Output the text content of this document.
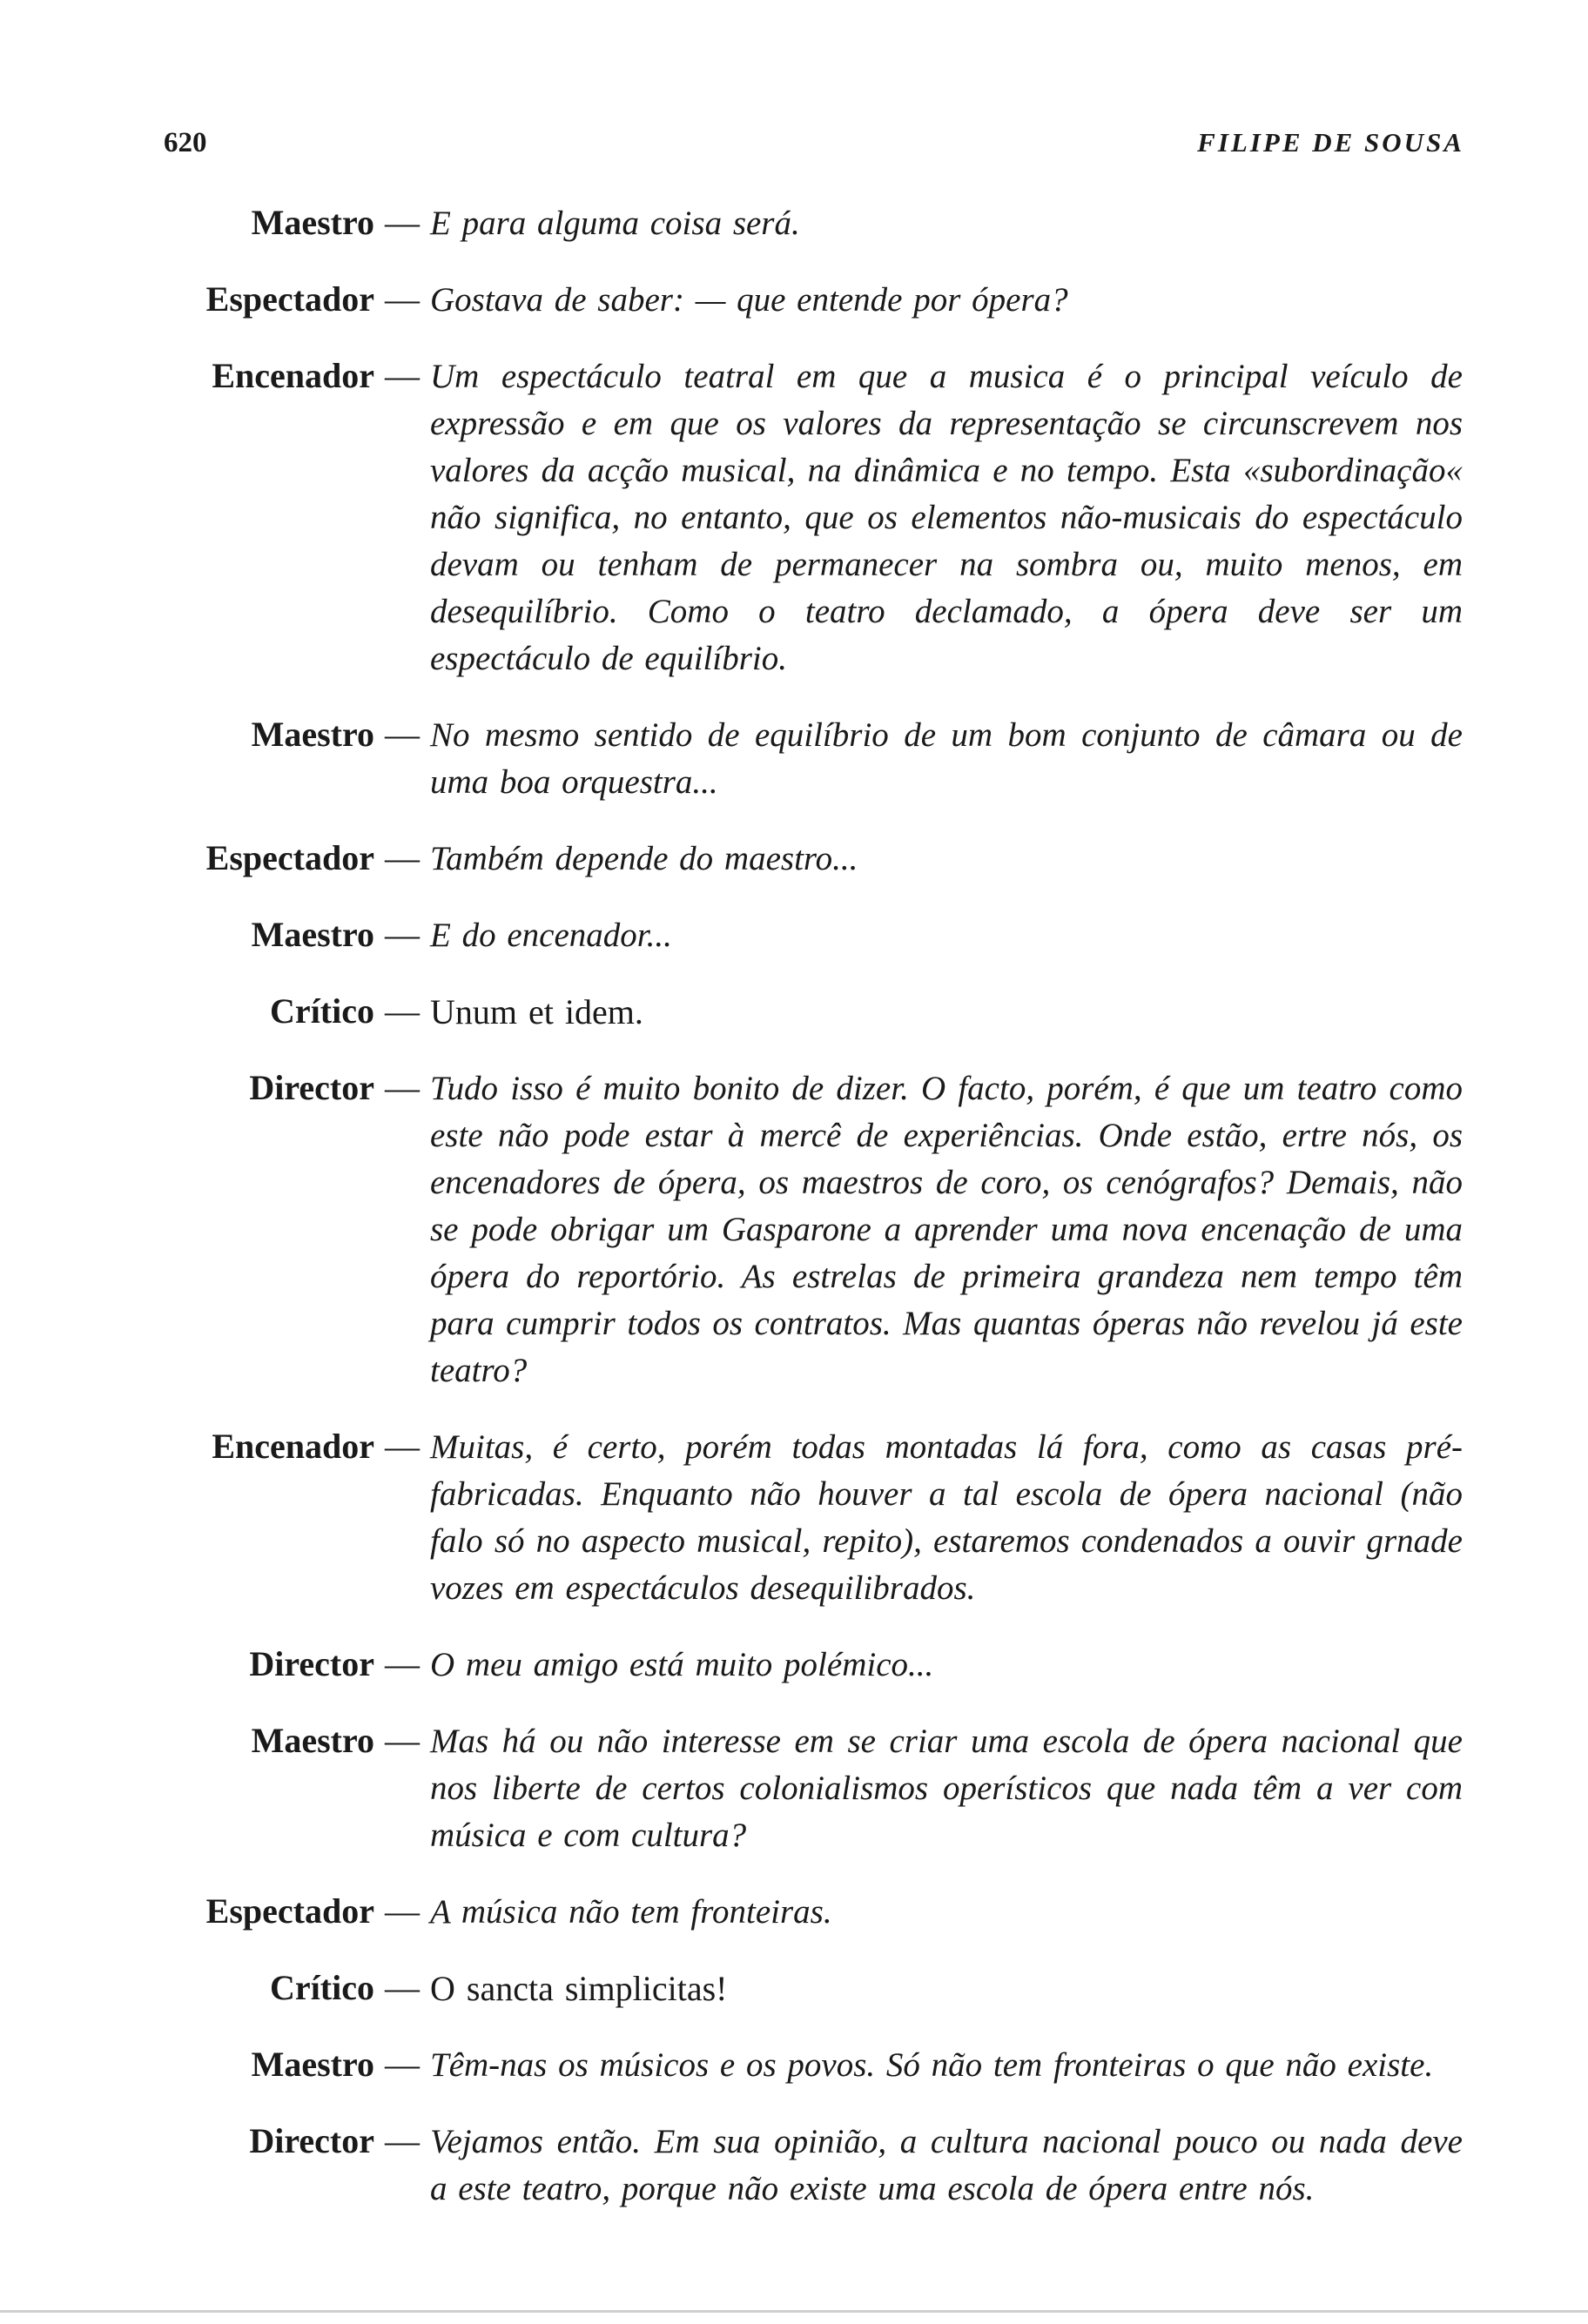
620	FILIPE DE SOUSA
Maestro — E para alguma coisa será.
Espectador — Gostava de saber: — que entende por ópera?
Encenador — Um espectáculo teatral em que a musica é o principal veículo de expressão e em que os valores da representação se circunscrevem nos valores da acção musical, na dinâmica e no tempo. Esta «subordinação« não significa, no entanto, que os elementos não-musicais do espectáculo devam ou tenham de permanecer na sombra ou, muito menos, em desequilíbrio. Como o teatro declamado, a ópera deve ser um espectáculo de equilíbrio.
Maestro — No mesmo sentido de equilíbrio de um bom conjunto de câmara ou de uma boa orquestra...
Espectador — Também depende do maestro...
Maestro — E do encenador...
Crítico — Unum et idem.
Director — Tudo isso é muito bonito de dizer. O facto, porém, é que um teatro como este não pode estar à mercê de experiências. Onde estão, ertre nós, os encenadores de ópera, os maestros de coro, os cenógrafos? Demais, não se pode obrigar um Gasparone a aprender uma nova encenação de uma ópera do reportório. As estrelas de primeira grandeza nem tempo têm para cumprir todos os contratos. Mas quantas óperas não revelou já este teatro?
Encenador — Muitas, é certo, porém todas montadas lá fora, como as casas pré-fabricadas. Enquanto não houver a tal escola de ópera nacional (não falo só no aspecto musical, repito), estaremos condenados a ouvir grnade vozes em espectáculos desequilibrados.
Director — O meu amigo está muito polémico...
Maestro — Mas há ou não interesse em se criar uma escola de ópera nacional que nos liberte de certos colonialismos operísticos que nada têm a ver com música e com cultura?
Espectador — A música não tem fronteiras.
Crítico — O sancta simplicitas!
Maestro — Têm-nas os músicos e os povos. Só não tem fronteiras o que não existe.
Director — Vejamos então. Em sua opinião, a cultura nacional pouco ou nada deve a este teatro, porque não existe uma escola de ópera entre nós.
